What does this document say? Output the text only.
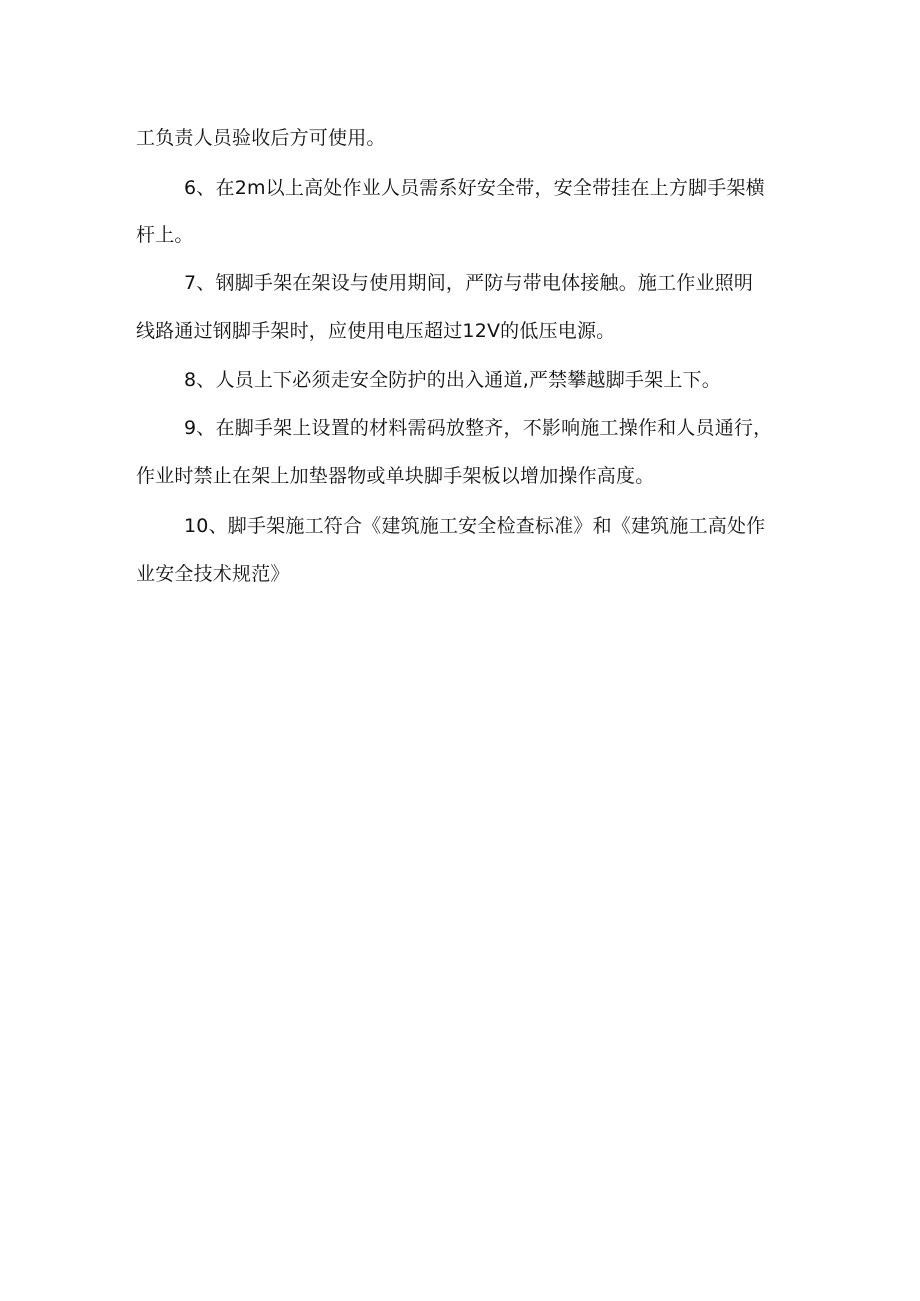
工负责人员验收后方可使用。
6、在2m以上高处作业人员需系好安全带，安全带挂在上方脚手架横
杆上。
7、钢脚手架在架设与使用期间，严防与带电体接触。施工作业照明
线路通过钢脚手架时，应使用电压超过12V的低压电源。
8、人员上下必须走安全防护的出入通道,严禁攀越脚手架上下。
9、在脚手架上设置的材料需码放整齐，不影响施工操作和人员通行，
作业时禁止在架上加垫器物或单块脚手架板以增加操作高度。
10、脚手架施工符合《建筑施工安全检查标准》和《建筑施工高处作
业安全技术规范》
